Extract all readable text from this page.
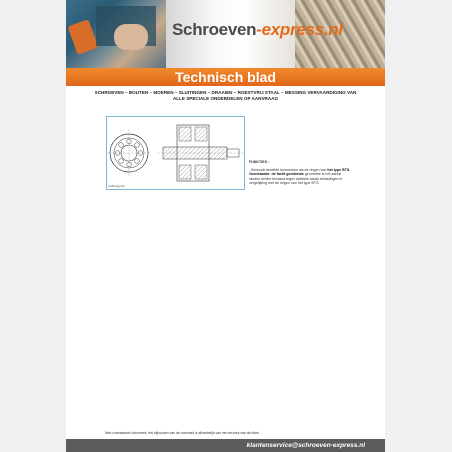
Schroeven-express.nl
Technisch blad
SCHROEVEN – BOUTEN – MOEREN – SLUITINGEN – DRAAIEN – ROESTVRIJ STAAL – MESSING VERVAARDIGING VAN
ALLE SPECIALE ONDERDELEN OP AANVRAAG
Aufhängeteil
FUNKTIES :
- Behoudt dezelfde kenmerken als de ringen van het type BTS. Voorwaarde: de facht geclaimde geometrie is het aantal randen echter bestand tegen dubbele axiale belastingen in vergelijking met de ringen van het type BTS.
Niet-contractueel document, het bijhouden van de voorraad is afhankelijk van het verzoek van de klant.
klantenservice@schroeven-express.nl
